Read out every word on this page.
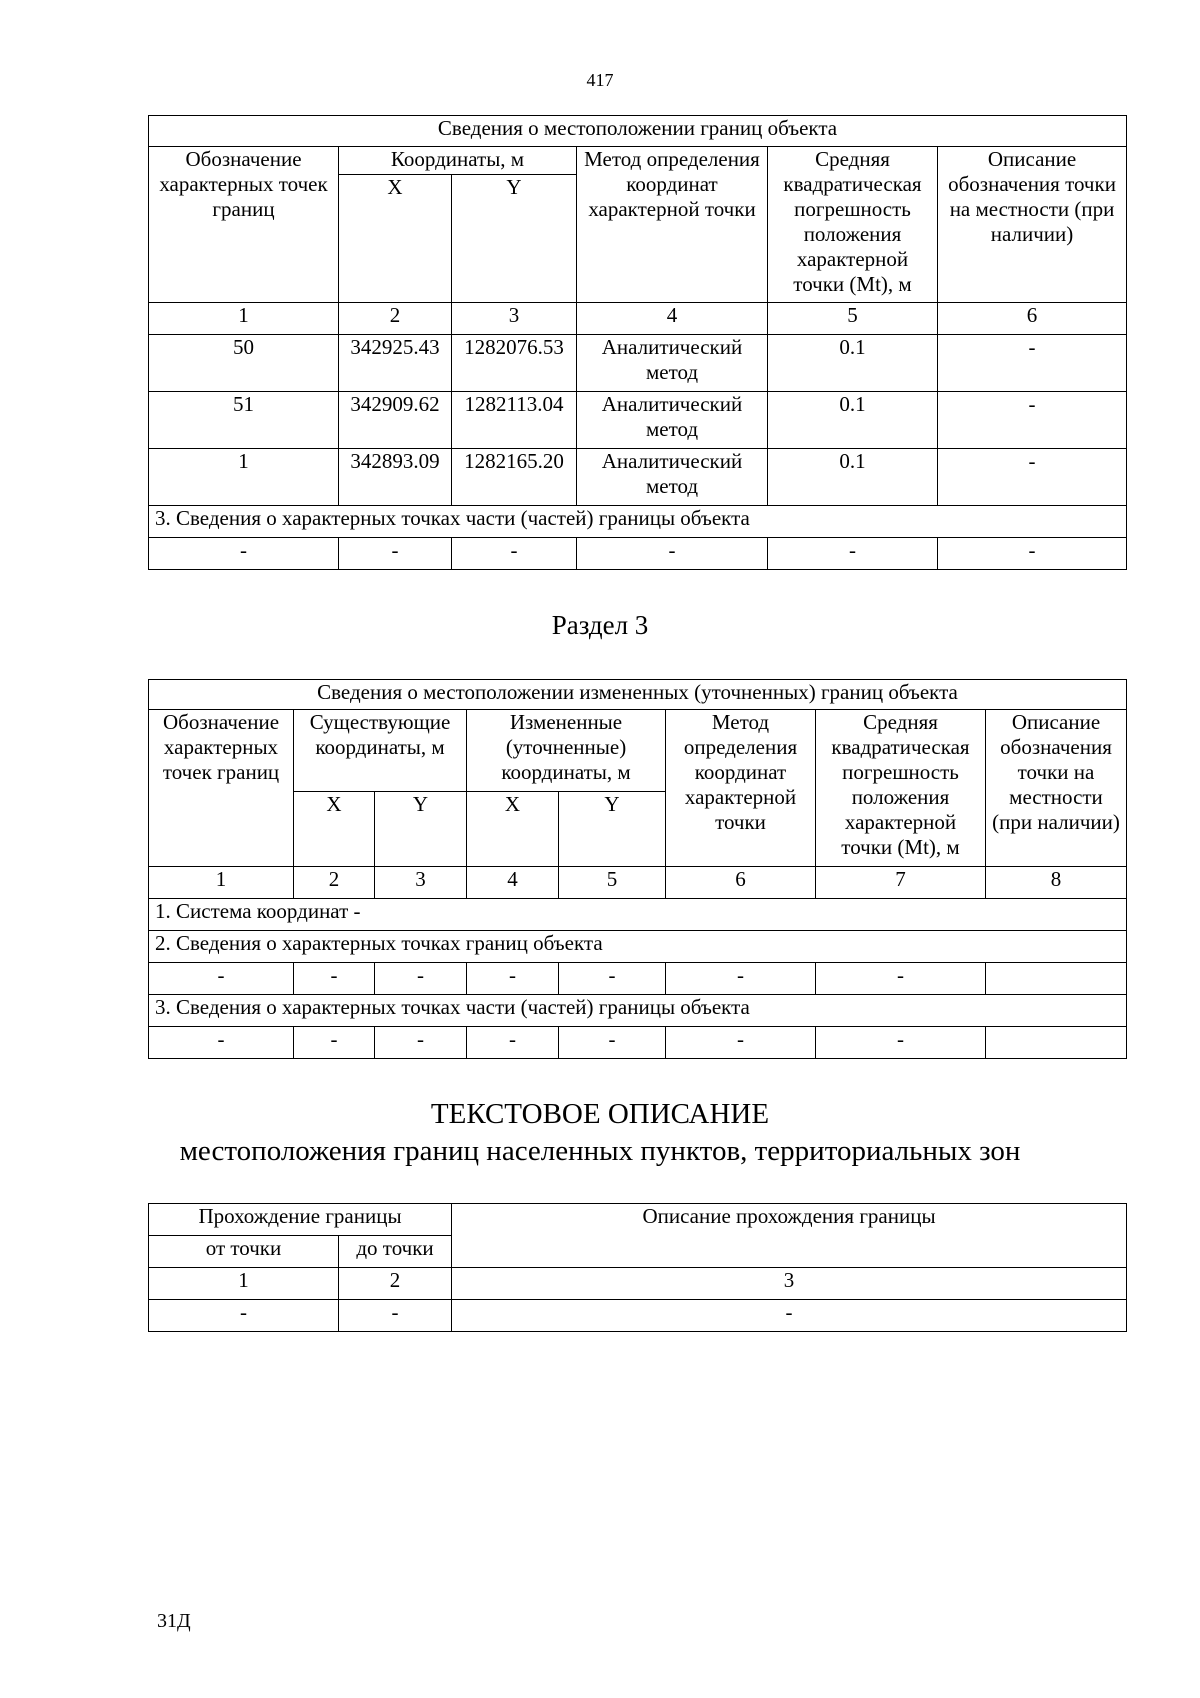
417
Сведения о местоположении границ объекта					
Обозначение характерных точек границ	Координаты, м		Метод определения координат характерной точки	Средняя квадратическая погрешность положения характерной точки (Mt), м	Описание обозначения точки на местности (при наличии)
	X	Y			
1	2	3	4	5	6
50	342925.43	1282076.53	Аналитический метод	0.1	-
51	342909.62	1282113.04	Аналитический метод	0.1	-
1	342893.09	1282165.20	Аналитический метод	0.1	-
3. Сведения о характерных точках части (частей) границы объекта					
-	-	-	-	-	-
Раздел 3
Сведения о местоположении измененных (уточненных) границ объекта							
Обозначение характерных точек границ	Существующие координаты, м		Измененные (уточненные) координаты, м		Метод определения координат характерной точки	Средняя квадратическая погрешность положения характерной точки (Mt), м	Описание обозначения точки на местности (при наличии)
	X	Y	X	Y			
1	2	3	4	5	6	7	8
1. Система координат -							
2. Сведения о характерных точках границ объекта							
-	-	-	-	-	-	-	
3. Сведения о характерных точках части (частей) границы объекта							
-	-	-	-	-	-	-	
ТЕКСТОВОЕ ОПИСАНИЕ
местоположения границ населенных пунктов, территориальных зон
Прохождение границы		Описание прохождения границы
от точки	до точки	
1	2	3
-	-	-
31Д
